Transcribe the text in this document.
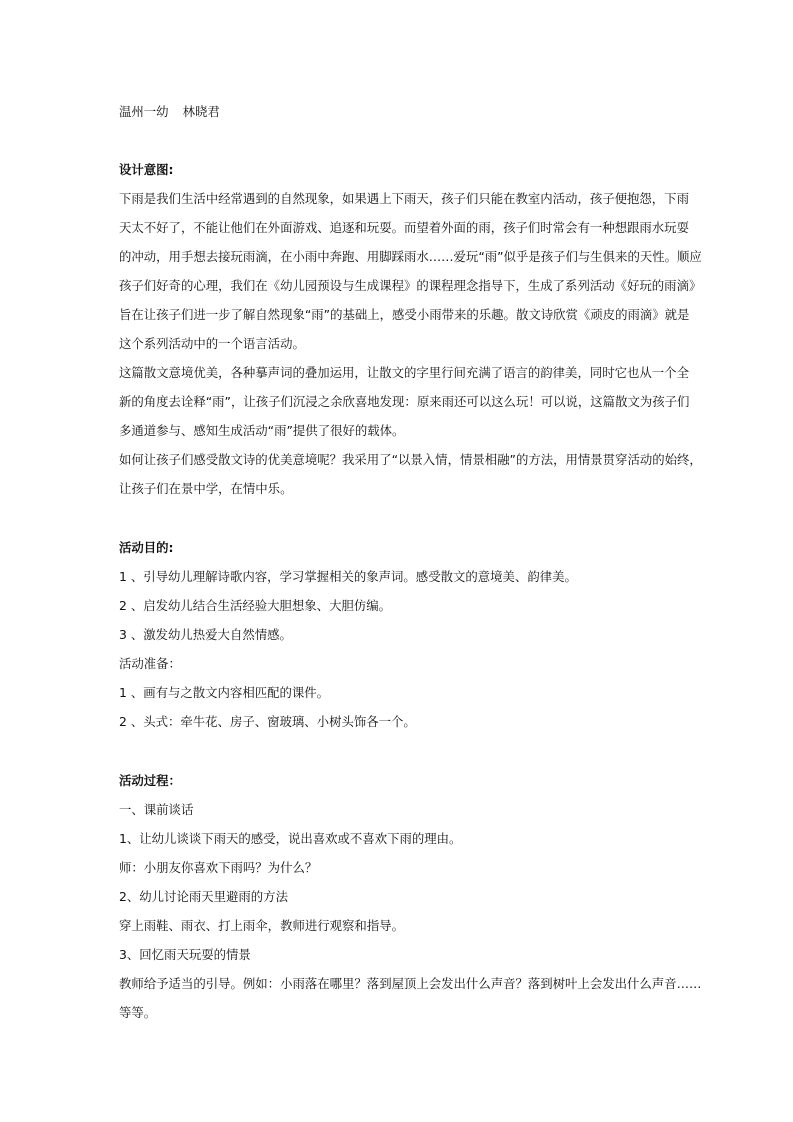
温州一幼 林晓君
设计意图:
下雨是我们生活中经常遇到的自然现象，如果遇上下雨天，孩子们只能在教室内活动，孩子便抱怨，下雨
天太不好了，不能让他们在外面游戏、追逐和玩耍。而望着外面的雨，孩子们时常会有一种想跟雨水玩耍
的冲动，用手想去接玩雨滴，在小雨中奔跑、用脚踩雨水……爱玩“雨”似乎是孩子们与生俱来的天性。顺应
孩子们好奇的心理，我们在《幼儿园预设与生成课程》的课程理念指导下，生成了系列活动《好玩的雨滴》
旨在让孩子们进一步了解自然现象“雨”的基础上，感受小雨带来的乐趣。散文诗欣赏《顽皮的雨滴》就是
这个系列活动中的一个语言活动。
这篇散文意境优美，各种摹声词的叠加运用，让散文的字里行间充满了语言的韵律美，同时它也从一个全
新的角度去诠释“雨”，让孩子们沉浸之余欣喜地发现：原来雨还可以这么玩！可以说，这篇散文为孩子们
多通道参与、感知生成活动“雨”提供了很好的载体。
如何让孩子们感受散文诗的优美意境呢？我采用了“以景入情，情景相融”的方法，用情景贯穿活动的始终，
让孩子们在景中学，在情中乐。
活动目的:
1 、引导幼儿理解诗歌内容，学习掌握相关的象声词。感受散文的意境美、韵律美。
2 、启发幼儿结合生活经验大胆想象、大胆仿编。
3 、激发幼儿热爱大自然情感。
活动准备：
1 、画有与之散文内容相匹配的课件。
2 、头式：牵牛花、房子、窗玻璃、小树头饰各一个。
活动过程：
一、课前谈话
1、让幼儿谈谈下雨天的感受，说出喜欢或不喜欢下雨的理由。
师：小朋友你喜欢下雨吗？为什么？
2、幼儿讨论雨天里避雨的方法
穿上雨鞋、雨衣、打上雨伞，教师进行观察和指导。
3、回忆雨天玩耍的情景
教师给予适当的引导。例如：小雨落在哪里？落到屋顶上会发出什么声音？落到树叶上会发出什么声音……
等等。
